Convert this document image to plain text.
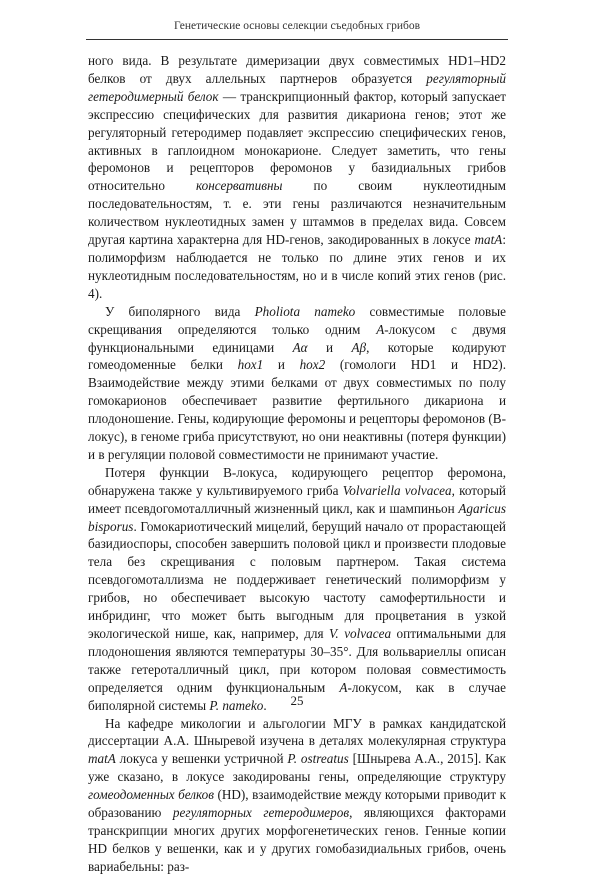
Генетические основы селекции съедобных грибов

ного вида. В результате димеризации двух совместимых HD1–HD2 белков от двух аллельных партнеров образуется регуляторный гетеродимерный белок — транскрипционный фактор, который запускает экспрессию специфических для развития дикариона генов; этот же регуляторный гетеродимер подавляет экспрессию специфических генов, активных в гаплоидном монокарионе. Следует заметить, что гены феромонов и рецепторов феромонов у базидиальных грибов относительно консервативны по своим нуклеотидным последовательностям, т. е. эти гены различаются незначительным количеством нуклеотидных замен у штаммов в пределах вида. Совсем другая картина характерна для HD-генов, закодированных в локусе matA: полиморфизм наблюдается не только по длине этих генов и их нуклеотидным последовательностям, но и в числе копий этих генов (рис. 4).

У биполярного вида Pholiota nameko совместимые половые скрещивания определяются только одним A-локусом с двумя функциональными единицами Aα и Aβ, которые кодируют гомеодоменные белки hox1 и hox2 (гомологи HD1 и HD2). Взаимодействие между этими белками от двух совместимых по полу гомокарионов обеспечивает развитие фертильного дикариона и плодоношение. Гены, кодирующие феромоны и рецепторы феромонов (B-локус), в геноме гриба присутствуют, но они неактивны (потеря функции) и в регуляции половой совместимости не принимают участие.

Потеря функции B-локуса, кодирующего рецептор феромона, обнаружена также у культивируемого гриба Volvariella volvacea, который имеет псевдогомоталличный жизненный цикл, как и шампиньон Agaricus bisporus. Гомокариотический мицелий, берущий начало от прорастающей базидиоспоры, способен завершить половой цикл и произвести плодовые тела без скрещивания с половым партнером. Такая система псевдогомоталлизма не поддерживает генетический полиморфизм у грибов, но обеспечивает высокую частоту самофертильности и инбридинг, что может быть выгодным для процветания в узкой экологической нише, как, например, для V. volvacea оптимальными для плодоношения являются температуры 30–35°. Для вольвариеллы описан также гетероталличный цикл, при котором половая совместимость определяется одним функциональным A-локусом, как в случае биполярной системы P. nameko.

На кафедре микологии и альгологии МГУ в рамках кандидатской диссертации А.А. Шныревой изучена в деталях молекулярная структура matA локуса у вешенки устричной P. ostreatus [Шнырева А.А., 2015]. Как уже сказано, в локусе закодированы гены, определяющие структуру гомеодоменных белков (HD), взаимодействие между которыми приводит к образованию регуляторных гетеродимеров, являющихся факторами транскрипции многих других морфогенетических генов. Генные копии HD белков у вешенки, как и у других гомобазидиальных грибов, очень вариабельны: раз-

25
